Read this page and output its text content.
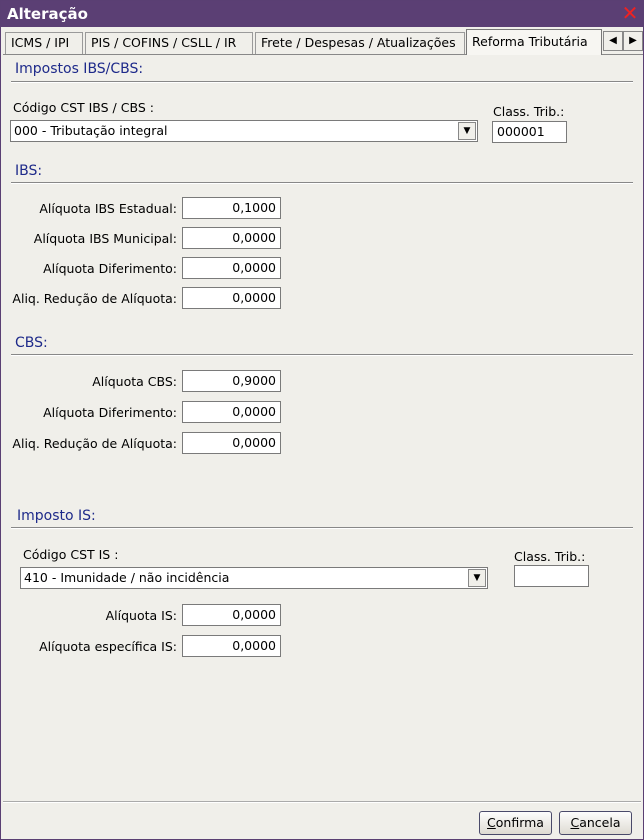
Alteração	✕
ICMS / IPI	PIS / COFINS / CSLL / IR	Frete / Despesas / Atualizações	Reforma Tributária	◀	▶
Impostos IBS/CBS:
Código CST IBS / CBS :
000 - Tributação integral	▼
Class. Trib.:
000001
IBS:
Alíquota IBS Estadual:	0,1000
Alíquota IBS Municipal:	0,0000
Alíquota Diferimento:	0,0000
Aliq. Redução de Alíquota:	0,0000
CBS:
Alíquota CBS:	0,9000
Alíquota Diferimento:	0,0000
Aliq. Redução de Alíquota:	0,0000
Imposto IS:
Código CST IS :
410 - Imunidade / não incidência	▼
Class. Trib.:
Alíquota IS:	0,0000
Alíquota específica IS:	0,0000
Confirma	Cancela
